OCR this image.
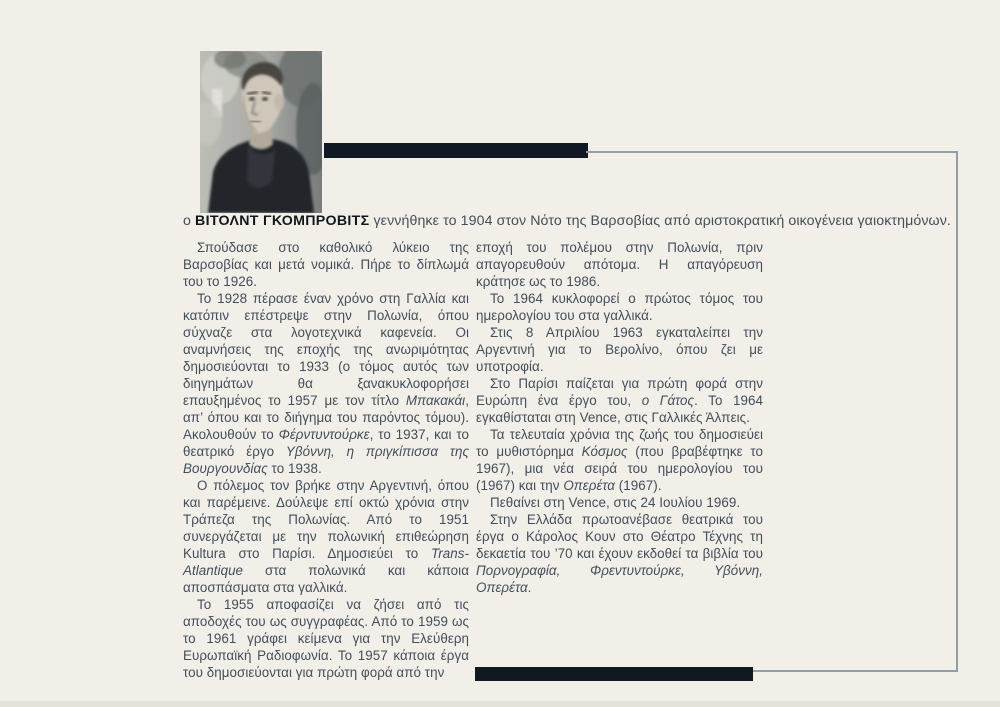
ο ΒΙΤΟΛΝΤ ΓΚΟΜΠΡΟΒΙΤΣ γεννήθηκε το 1904 στον Νότο της Βαρσοβίας από αριστοκρατική οικογένεια γαιοκτημόνων.

Σπούδασε στο καθολικό λύκειο της Βαρσοβίας και μετά νομικά. Πήρε το δίπλωμά του το 1926.

Το 1928 πέρασε έναν χρόνο στη Γαλλία και κατόπιν επέστρεψε στην Πολωνία, όπου σύχναζε στα λογοτεχνικά καφενεία. Οι αναμνήσεις της εποχής της ανωριμότητας δημοσιεύονται το 1933 (ο τόμος αυτός των διηγημάτων θα ξανακυκλοφορήσει επαυξημένος το 1957 με τον τίτλο Μπακακάι, απ’ όπου και το διήγημα του παρόντος τόμου). Ακολουθούν το Φέρντυντούρκε, το 1937, και το θεατρικό έργο Υβόννη, η πριγκίπισσα της Βουργουνδίας το 1938.

Ο πόλεμος τον βρήκε στην Αργεντινή, όπου και παρέμεινε. Δούλεψε επί οκτώ χρόνια στην Τράπεζα της Πολωνίας. Από το 1951 συνεργάζεται με την πολωνική επιθεώρηση Kultura στο Παρίσι. Δημοσιεύει το Trans-Atlantique στα πολωνικά και κάποια αποσπάσματα στα γαλλικά.

Το 1955 αποφασίζει να ζήσει από τις αποδοχές του ως συγγραφέας. Από το 1959 ως το 1961 γράφει κείμενα για την Ελεύθερη Ευρωπαϊκή Ραδιοφωνία. Το 1957 κάποια έργα του δημοσιεύονται για πρώτη φορά από την

εποχή του πολέμου στην Πολωνία, πριν απαγορευθούν απότομα. Η απαγόρευση κράτησε ως το 1986.

Το 1964 κυκλοφορεί ο πρώτος τόμος του ημερολογίου του στα γαλλικά.

Στις 8 Απριλίου 1963 εγκαταλείπει την Αργεντινή για το Βερολίνο, όπου ζει με υποτροφία.

Στο Παρίσι παίζεται για πρώτη φορά στην Ευρώπη ένα έργο του, ο Γάτος. Το 1964 εγκαθίσταται στη Vence, στις Γαλλικές Άλπεις.

Τα τελευταία χρόνια της ζωής του δημοσιεύει το μυθιστόρημα Κόσμος (που βραβέφτηκε το 1967), μια νέα σειρά του ημερολογίου του (1967) και την Οπερέτα (1967).

Πεθαίνει στη Vence, στις 24 Ιουλίου 1969.

Στην Ελλάδα πρωτοανέβασε θεατρικά του έργα ο Κάρολος Κουν στο Θέατρο Τέχνης τη δεκαετία του ’70 και έχουν εκδοθεί τα βιβλία του Πορνογραφία, Φρεντυντούρκε, Υβόννη, Οπερέτα.
